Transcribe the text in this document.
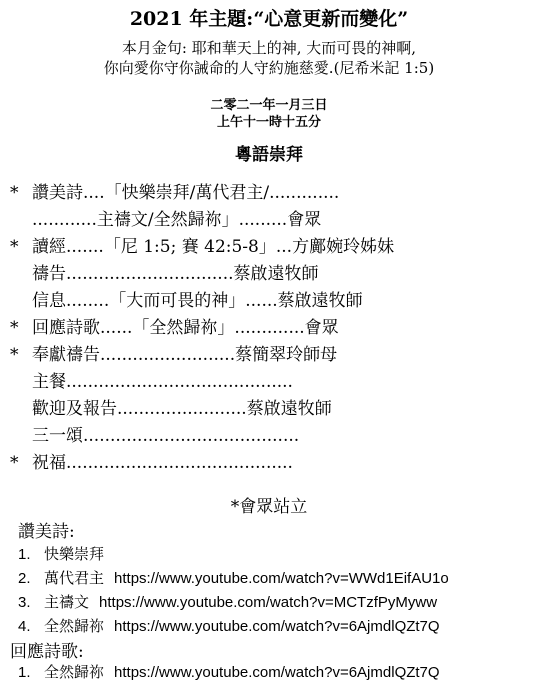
2021 年主題:“心意更新而變化”
本月金句: 耶和華天上的神, 大而可畏的神啊,
你向愛你守你誡命的人守約施慈愛.(尼希米記 1:5)
二零二一年一月三日
上午十一時十五分
粵語崇拜
* 讚美詩....「快樂崇拜/萬代君主/.............
............主禱文/全然歸祢」.........會眾
* 讀經.......「尼 1:5; 賽 42:5-8」...方鄺婉玲姊妹
禱告...............................蔡啟遠牧師
信息........「大而可畏的神」......蔡啟遠牧師
* 回應詩歌......「全然歸祢」.............會眾
* 奉獻禱告.........................蔡簡翠玲師母
主餐..........................................
歡迎及報告........................蔡啟遠牧師
三一頌........................................
* 祝福..........................................
*會眾站立
讚美詩:
1. 快樂崇拜
2. 萬代君主 https://www.youtube.com/watch?v=WWd1EifAU1o
3. 主禱文 https://www.youtube.com/watch?v=MCTzfPyMyww
4. 全然歸祢 https://www.youtube.com/watch?v=6AjmdlQZt7Q
回應詩歌:
1. 全然歸祢 https://www.youtube.com/watch?v=6AjmdlQZt7Q
